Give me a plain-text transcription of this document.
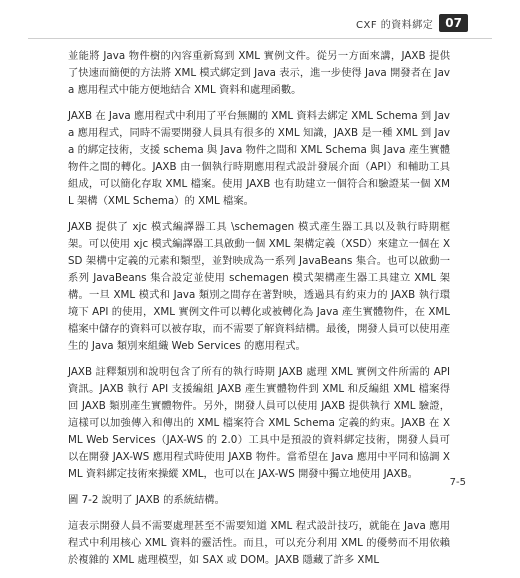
CXF 的資料綁定	07

並能將 Java 物件樹的內容重新寫到 XML 實例文件。從另一方面來講，JAXB 提供了快速而簡便的方法將 XML 模式綁定到 Java 表示，進一步使得 Java 開發者在 Java 應用程式中能方便地結合 XML 資料和處理函數。

JAXB 在 Java 應用程式中利用了平台無關的 XML 資料去綁定 XML Schema 到 Java 應用程式，同時不需要開發人員具有很多的 XML 知識，JAXB 是一種 XML 到 Java 的綁定技術，支援 schema 與 Java 物件之間和 XML Schema 與 Java 產生實體物件之間的轉化。JAXB 由一個執行時期應用程式設計發展介面（API）和輔助工具組成，可以簡化存取 XML 檔案。使用 JAXB 也有助建立一個符合和驗證某一個 XML 架構（XML Schema）的 XML 檔案。

JAXB 提供了 xjc 模式編譯器工具 \schemagen 模式產生器工具以及執行時期框架。可以使用 xjc 模式編譯器工具啟動一個 XML 架構定義（XSD）來建立一個在 XSD 架構中定義的元素和類型，並對映成為一系列 JavaBeans 集合。也可以啟動一系列 JavaBeans 集合設定並使用 schemagen 模式架構產生器工具建立 XML 架構。一旦 XML 模式和 Java 類別之間存在著對映，透過具有約束力的 JAXB 執行環境下 API 的使用，XML 實例文件可以轉化或被轉化為 Java 產生實體物件，在 XML 檔案中儲存的資料可以被存取，而不需要了解資料結構。最後，開發人員可以使用產生的 Java 類別來組織 Web Services 的應用程式。

JAXB 註釋類別和說明包含了所有的執行時期 JAXB 處理 XML 實例文件所需的 API 資訊。JAXB 執行 API 支援編組 JAXB 產生實體物件到 XML 和反編組 XML 檔案得回 JAXB 類別產生實體物件。另外，開發人員可以使用 JAXB 提供執行 XML 驗證，這樣可以加強傳入和傳出的 XML 檔案符合 XML Schema 定義的約束。JAXB 在 XML Web Services（JAX-WS 的 2.0）工具中是預設的資料綁定技術，開發人員可以在開發 JAX-WS 應用程式時使用 JAXB 物件。當希望在 Java 應用中平同和協調 XML 資料綁定技術來操縱 XML，也可以在 JAX-WS 開發中獨立地使用 JAXB。

圖 7-2 說明了 JAXB 的系統結構。

這表示開發人員不需要處理甚至不需要知道 XML 程式設計技巧，就能在 Java 應用程式中利用核心 XML 資料的靈活性。而且，可以充分利用 XML 的優勢而不用依賴於複雜的 XML 處理模型，如 SAX 或 DOM。JAXB 隱藏了許多 XML

7-5
